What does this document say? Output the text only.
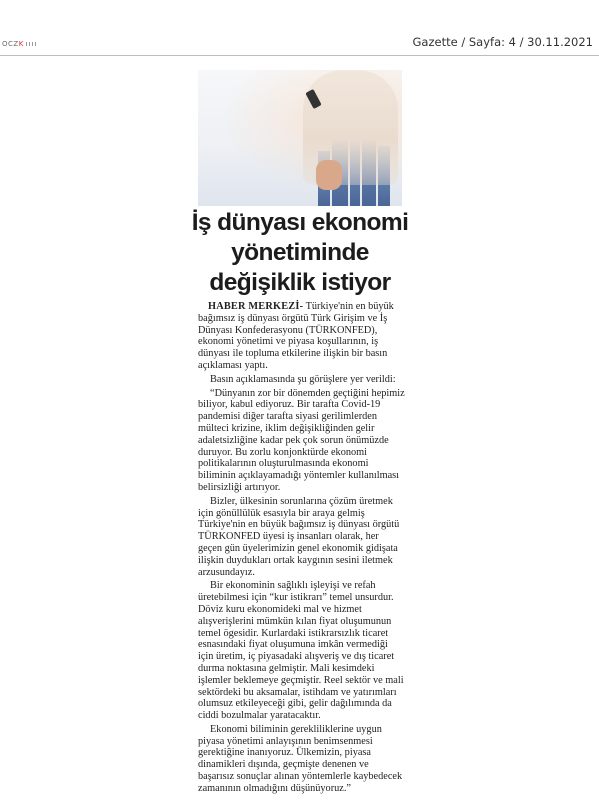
OCZK	Gazette / Sayfa: 4 / 30.11.2021
İş dünyası ekonomi
yönetiminde
değişiklik istiyor

HABER MERKEZİ- Türkiye'nin en büyük bağımsız iş dünyası örgütü Türk Girişim ve İş Dünyası Konfederasyonu (TÜRKONFED), ekonomi yönetimi ve piyasa koşullarının, iş dünyası ile topluma etkilerine ilişkin bir basın açıklaması yaptı.

Basın açıklamasında şu görüşlere yer verildi:

“Dünyanın zor bir dönemden geçtiğini hepimiz biliyor, kabul ediyoruz. Bir tarafta Covid-19 pandemisi diğer tarafta siyasi gerilimlerden mülteci krizine, iklim değişikliğinden gelir adaletsizliğine kadar pek çok sorun önümüzde duruyor. Bu zorlu konjonktürde ekonomi politikalarının oluşturulmasında ekonomi biliminin açıklayamadığı yöntemler kullanılması belirsizliği artırıyor.

Bizler, ülkesinin sorunlarına çözüm üretmek için gönüllülük esasıyla bir araya gelmiş Türkiye'nin en büyük bağımsız iş dünyası örgütü TÜRKONFED üyesi iş insanları olarak, her geçen gün üyelerimizin genel ekonomik gidişata ilişkin duydukları ortak kaygının sesini iletmek arzusundayız.

Bir ekonominin sağlıklı işleyişi ve refah üretebilmesi için “kur istikrarı” temel unsurdur. Döviz kuru ekonomideki mal ve hizmet alışverişlerini mümkün kılan fiyat oluşumunun temel ögesidir. Kurlardaki istikrarsızlık ticaret esnasındaki fiyat oluşumuna imkân vermediği için üretim, iç piyasadaki alışveriş ve dış ticaret durma noktasına gelmiştir. Mali kesimdeki işlemler beklemeye geçmiştir. Reel sektör ve mali sektördeki bu aksamalar, istihdam ve yatırımları olumsuz etkileyeceği gibi, gelir dağılımında da ciddi bozulmalar yaratacaktır.

Ekonomi biliminin gerekliliklerine uygun piyasa yönetimi anlayışının benimsenmesi gerektiğine inanıyoruz. Ülkemizin, piyasa dinamikleri dışında, geçmişte denenen ve başarısız sonuçlar alınan yöntemlerle kaybedecek zamanının olmadığını düşünüyoruz.”
